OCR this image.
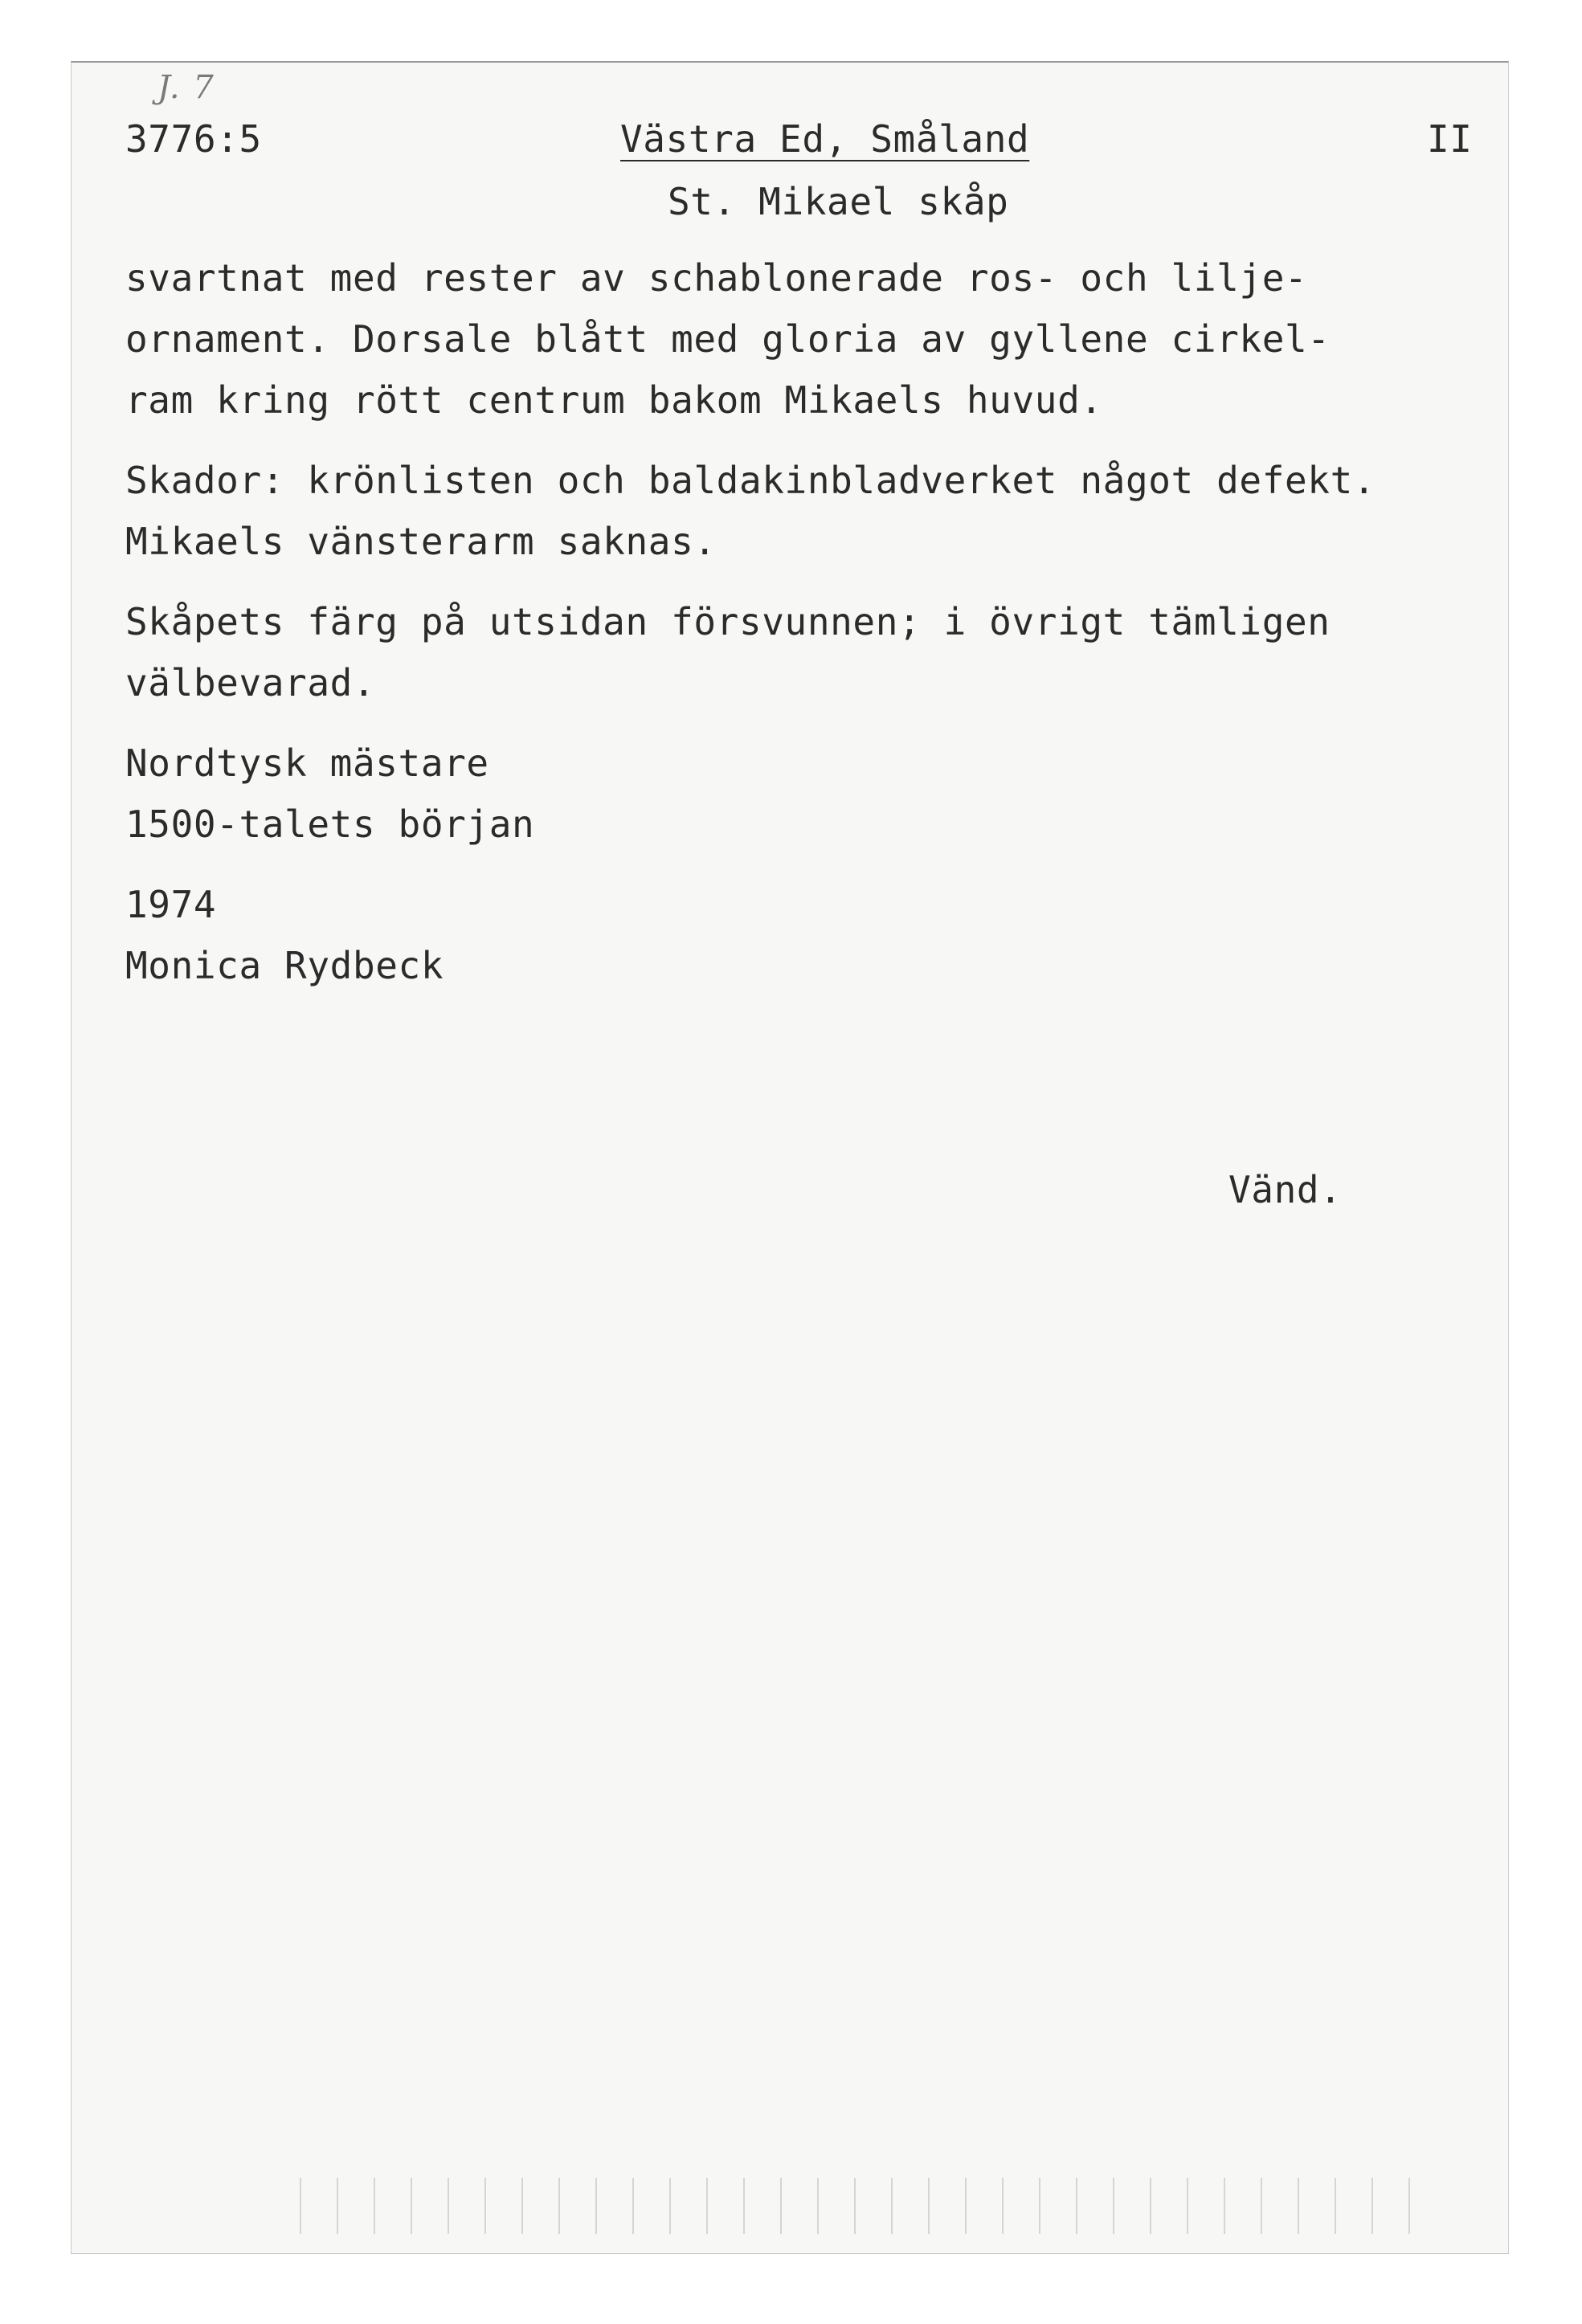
J. 7
3776:5	Västra Ed, Småland	II
St. Mikael skåp
svartnat med rester av schablonerade ros- och lilje-
ornament. Dorsale blått med gloria av gyllene cirkel-
ram kring rött centrum bakom Mikaels huvud.
Skador: krönlisten och baldakinbladverket något defekt.
Mikaels vänsterarm saknas.
Skåpets färg på utsidan försvunnen; i övrigt tämligen
välbevarad.
Nordtysk mästare
1500-talets början
1974
Monica Rydbeck
Vänd.
